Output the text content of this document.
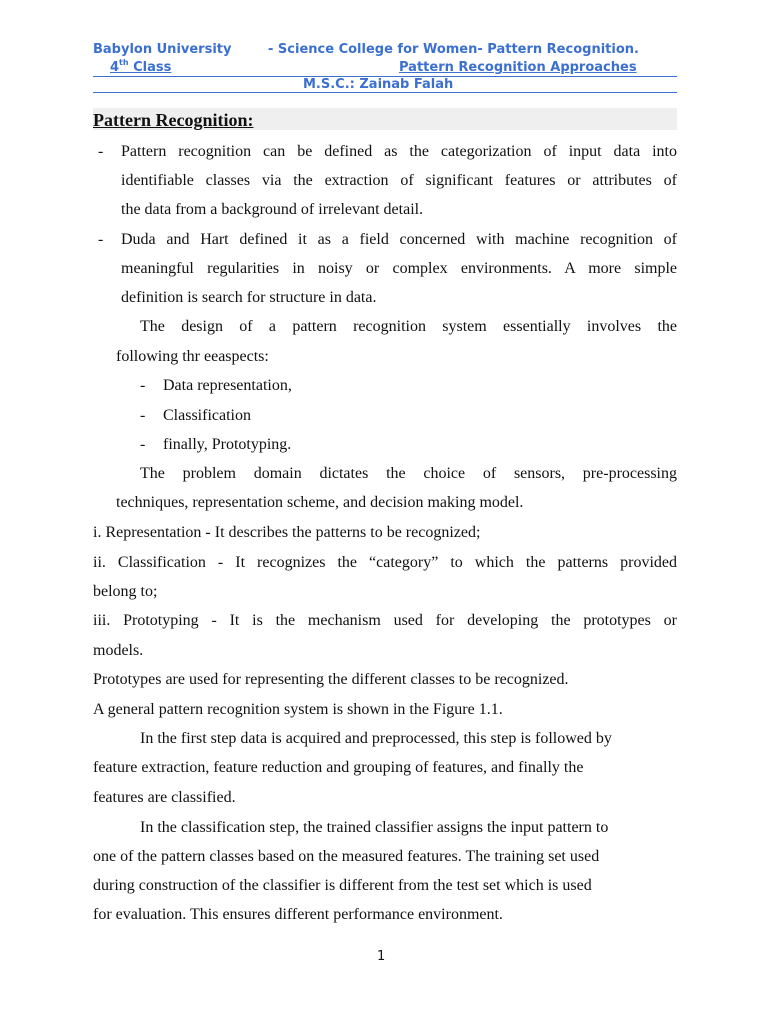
Babylon University	- Science College for Women- Pattern Recognition.
4th Class	Pattern Recognition Approaches
M.S.C.: Zainab Falah
Pattern Recognition:
- Pattern recognition can be defined as the categorization of input data into
identifiable classes via the extraction of significant features or attributes of
the data from a background of irrelevant detail.
- Duda and Hart defined it as a field concerned with machine recognition of
meaningful regularities in noisy or complex environments. A more simple
definition is search for structure in data.
The design of a pattern recognition system essentially involves the
following thr eeaspects:
- Data representation,
- Classification
- finally, Prototyping.
The problem domain dictates the choice of sensors, pre-processing
techniques, representation scheme, and decision making model.
i. Representation - It describes the patterns to be recognized;
ii. Classification - It recognizes the “category” to which the patterns provided
belong to;
iii. Prototyping - It is the mechanism used for developing the prototypes or
models.
Prototypes are used for representing the different classes to be recognized.
A general pattern recognition system is shown in the Figure 1.1.
In the first step data is acquired and preprocessed, this step is followed by
feature extraction, feature reduction and grouping of features, and finally the
features are classified.
In the classification step, the trained classifier assigns the input pattern to
one of the pattern classes based on the measured features. The training set used
during construction of the classifier is different from the test set which is used
for evaluation. This ensures different performance environment.
1
